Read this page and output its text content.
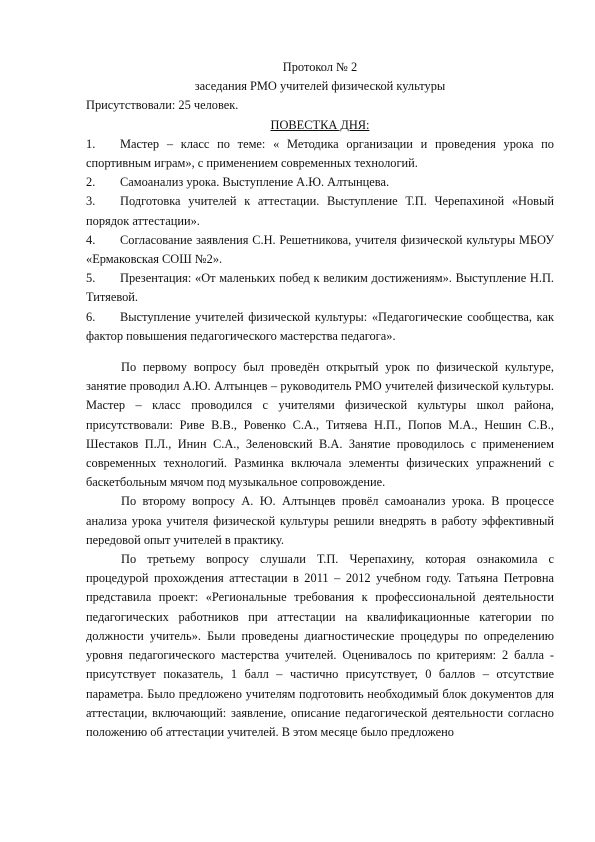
Протокол № 2

заседания РМО учителей физической культуры

Присутствовали: 25 человек.

ПОВЕСТКА ДНЯ:

1. Мастер – класс по теме: « Методика организации и проведения урока по спортивным играм», с применением современных технологий.
2. Самоанализ урока. Выступление А.Ю. Алтынцева.
3. Подготовка учителей к аттестации. Выступление Т.П. Черепахиной «Новый порядок аттестации».
4. Согласование заявления С.Н. Решетникова, учителя физической культуры МБОУ «Ермаковская СОШ №2».
5. Презентация: «От маленьких побед к великим достижениям». Выступление Н.П. Титяевой.
6. Выступление учителей физической культуры: «Педагогические сообщества, как фактор повышения педагогического мастерства педагога».

По первому вопросу был проведён открытый урок по физической культуре, занятие проводил А.Ю. Алтынцев – руководитель РМО учителей физической культуры. Мастер – класс проводился с учителями физической культуры школ района, присутствовали: Риве В.В., Ровенко С.А., Титяева Н.П., Попов М.А., Нешин С.В., Шестаков П.Л., Инин С.А., Зеленовский В.А. Занятие проводилось с применением современных технологий. Разминка включала элементы физических упражнений с баскетбольным мячом под музыкальное сопровождение.

По второму вопросу А. Ю. Алтынцев провёл самоанализ урока. В процессе анализа урока учителя физической культуры решили внедрять в работу эффективный передовой опыт учителей в практику.

По третьему вопросу слушали Т.П. Черепахину, которая ознакомила с процедурой прохождения аттестации в 2011 – 2012 учебном году. Татьяна Петровна представила проект: «Региональные требования к профессиональной деятельности педагогических работников при аттестации на квалификационные категории по должности учитель». Были проведены диагностические процедуры по определению уровня педагогического мастерства учителей. Оценивалось по критериям: 2 балла - присутствует показатель, 1 балл – частично присутствует, 0 баллов – отсутствие параметра. Было предложено учителям подготовить необходимый блок документов для аттестации, включающий: заявление, описание педагогической деятельности согласно положению об аттестации учителей. В этом месяце было предложено
